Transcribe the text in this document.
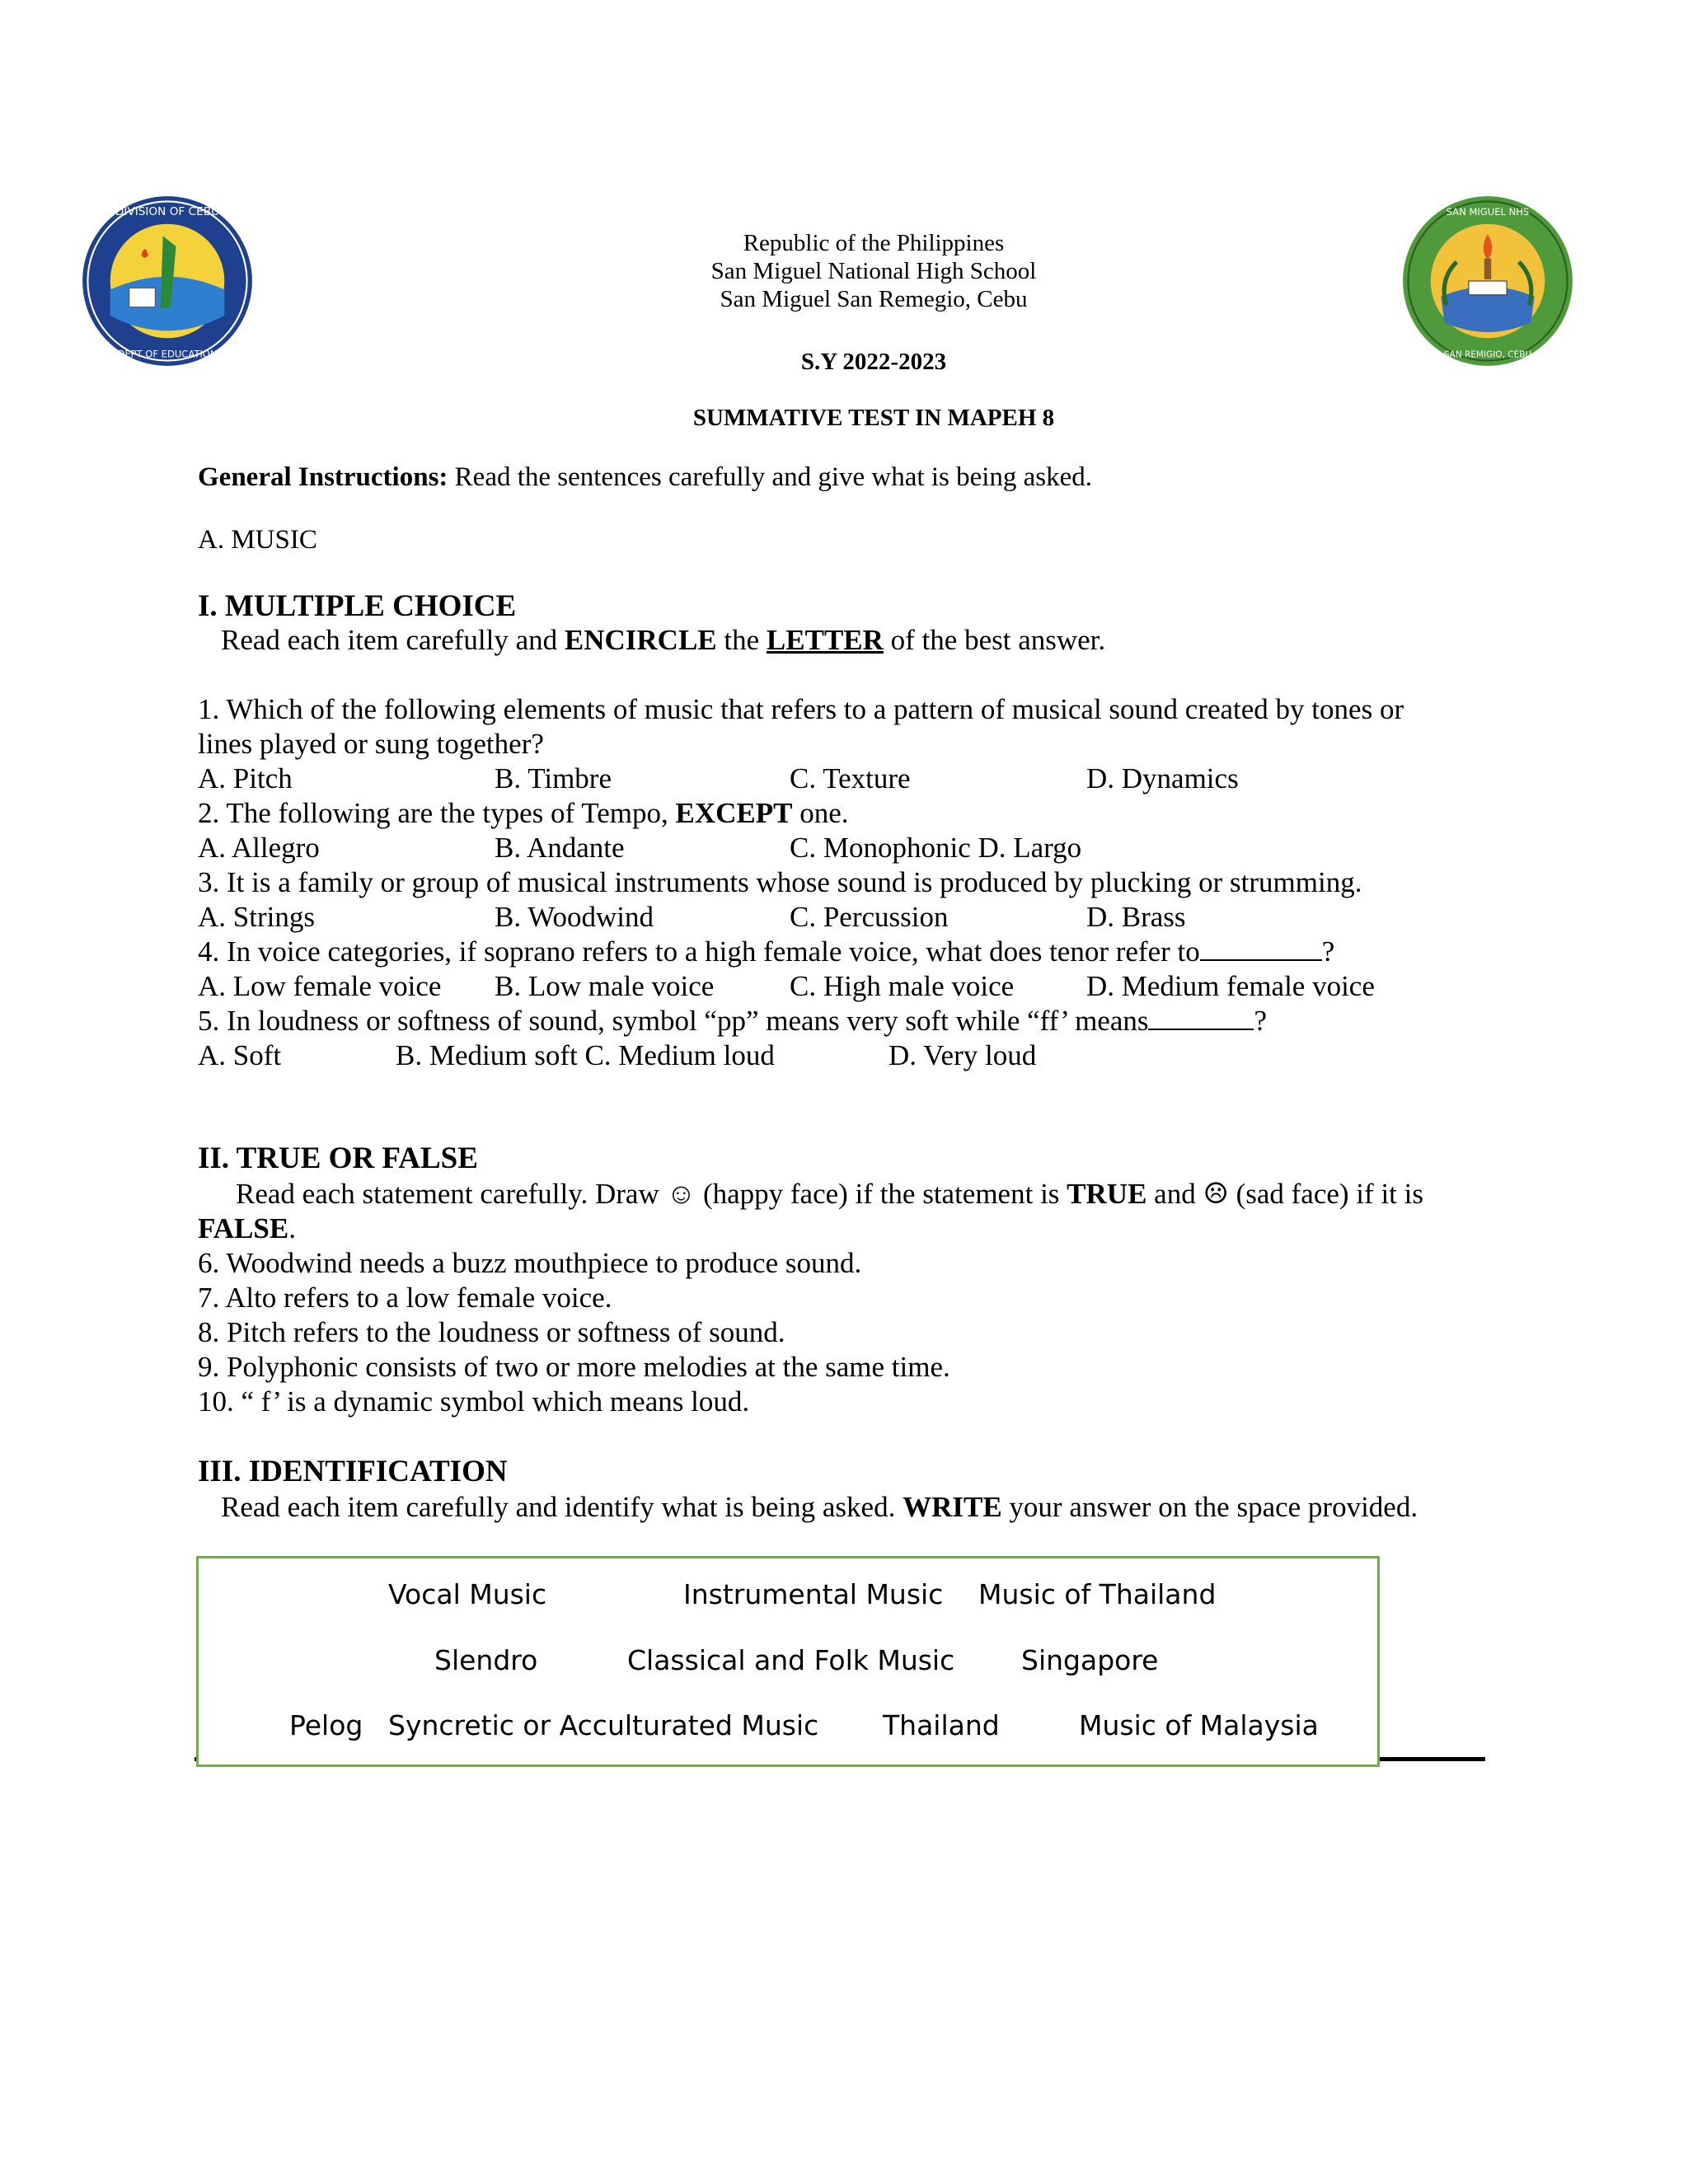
DIVISION OF CEBU
DEPT OF EDUCATION
SAN MIGUEL NHS
SAN REMIGIO, CEBU
Republic of the Philippines
San Miguel National High School
San Miguel San Remegio, Cebu
S.Y 2022-2023
SUMMATIVE TEST IN MAPEH 8
General Instructions: Read the sentences carefully and give what is being asked.
A. MUSIC
I. MULTIPLE CHOICE
Read each item carefully and ENCIRCLE the LETTER of the best answer.
1. Which of the following elements of music that refers to a pattern of musical sound created by tones or
lines played or sung together?
A. Pitch	B. Timbre	C. Texture	D. Dynamics
2. The following are the types of Tempo, EXCEPT one.
A. Allegro	B. Andante	C. Monophonic D. Largo
3. It is a family or group of musical instruments whose sound is produced by plucking or strumming.
A. Strings	B. Woodwind	C. Percussion	D. Brass
4. In voice categories, if soprano refers to a high female voice, what does tenor refer to	?
A. Low female voice B. Low male voice	C. High male voice	D. Medium female voice
5. In loudness or softness of sound, symbol “pp” means very soft while “ff’ means	?
A. Soft	B. Medium soft C. Medium loud	D. Very loud
II. TRUE OR FALSE
Read each statement carefully. Draw ☺ (happy face) if the statement is TRUE and ☹ (sad face) if it is
FALSE.
6. Woodwind needs a buzz mouthpiece to produce sound.
7. Alto refers to a low female voice.
8. Pitch refers to the loudness or softness of sound.
9. Polyphonic consists of two or more melodies at the same time.
10. “ f’ is a dynamic symbol which means loud.
III. IDENTIFICATION
Read each item carefully and identify what is being asked. WRITE your answer on the space provided.
Vocal Music	Instrumental Music Music of Thailand
Slendro	Classical and Folk Music Singapore
Pelog Syncretic or Acculturated Music Thailand	Music of Malaysia
